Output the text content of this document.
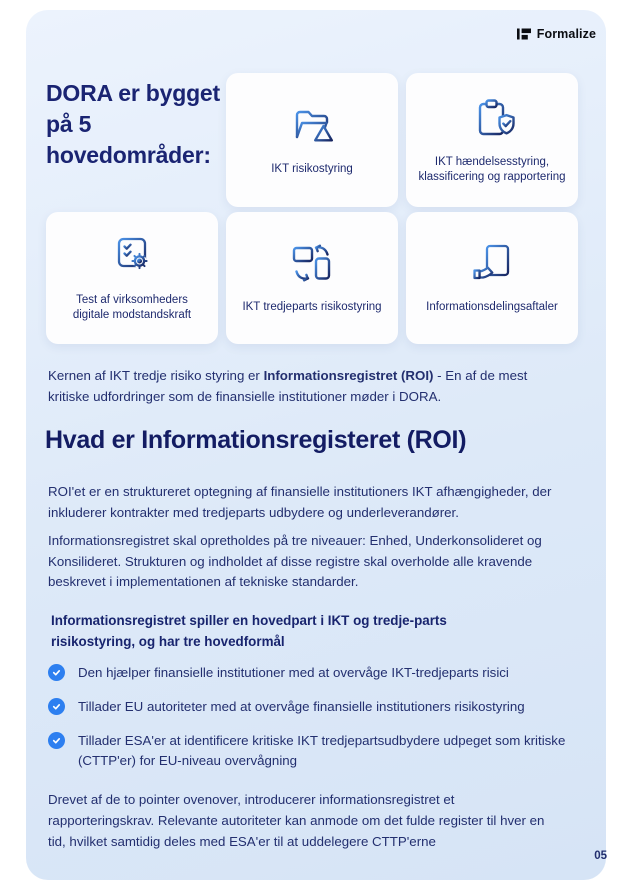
Formalize
DORA er bygget på 5 hovedområder:
IKT risikostyring
IKT hændelsesstyring, klassificering og rapportering
Test af virksomheders digitale modstandskraft
IKT tredjeparts risikostyring	Informationsdelingsaftaler

Kernen af IKT tredje risiko styring er Informationsregistret (ROI) - En af de mest kritiske udfordringer som de finansielle institutioner møder i DORA.

Hvad er Informationsregisteret (ROI)

ROI'et er en struktureret optegning af finansielle institutioners IKT afhængigheder, der inkluderer kontrakter med tredjeparts udbydere og underleverandører.

Informationsregistret skal opretholdes på tre niveauer: Enhed, Underkonsolideret og Konsilideret. Strukturen og indholdet af disse registre skal overholde alle kravende beskrevet i implementationen af tekniske standarder.

Informationsregistret spiller en hovedpart i IKT og tredje-parts risikostyring, og har tre hovedformål

Den hjælper finansielle institutioner med at overvåge IKT-tredjeparts risici
Tillader EU autoriteter med at overvåge finansielle institutioners risikostyring
Tillader ESA'er at identificere kritiske IKT tredjepartsudbydere udpeget som kritiske (CTTP'er) for EU-niveau overvågning

Drevet af de to pointer ovenover, introducerer informationsregistret et rapporteringskrav. Relevante autoriteter kan anmode om det fulde register til hver en tid, hvilket samtidig deles med ESA'er til at uddelegere CTTP'erne

05
